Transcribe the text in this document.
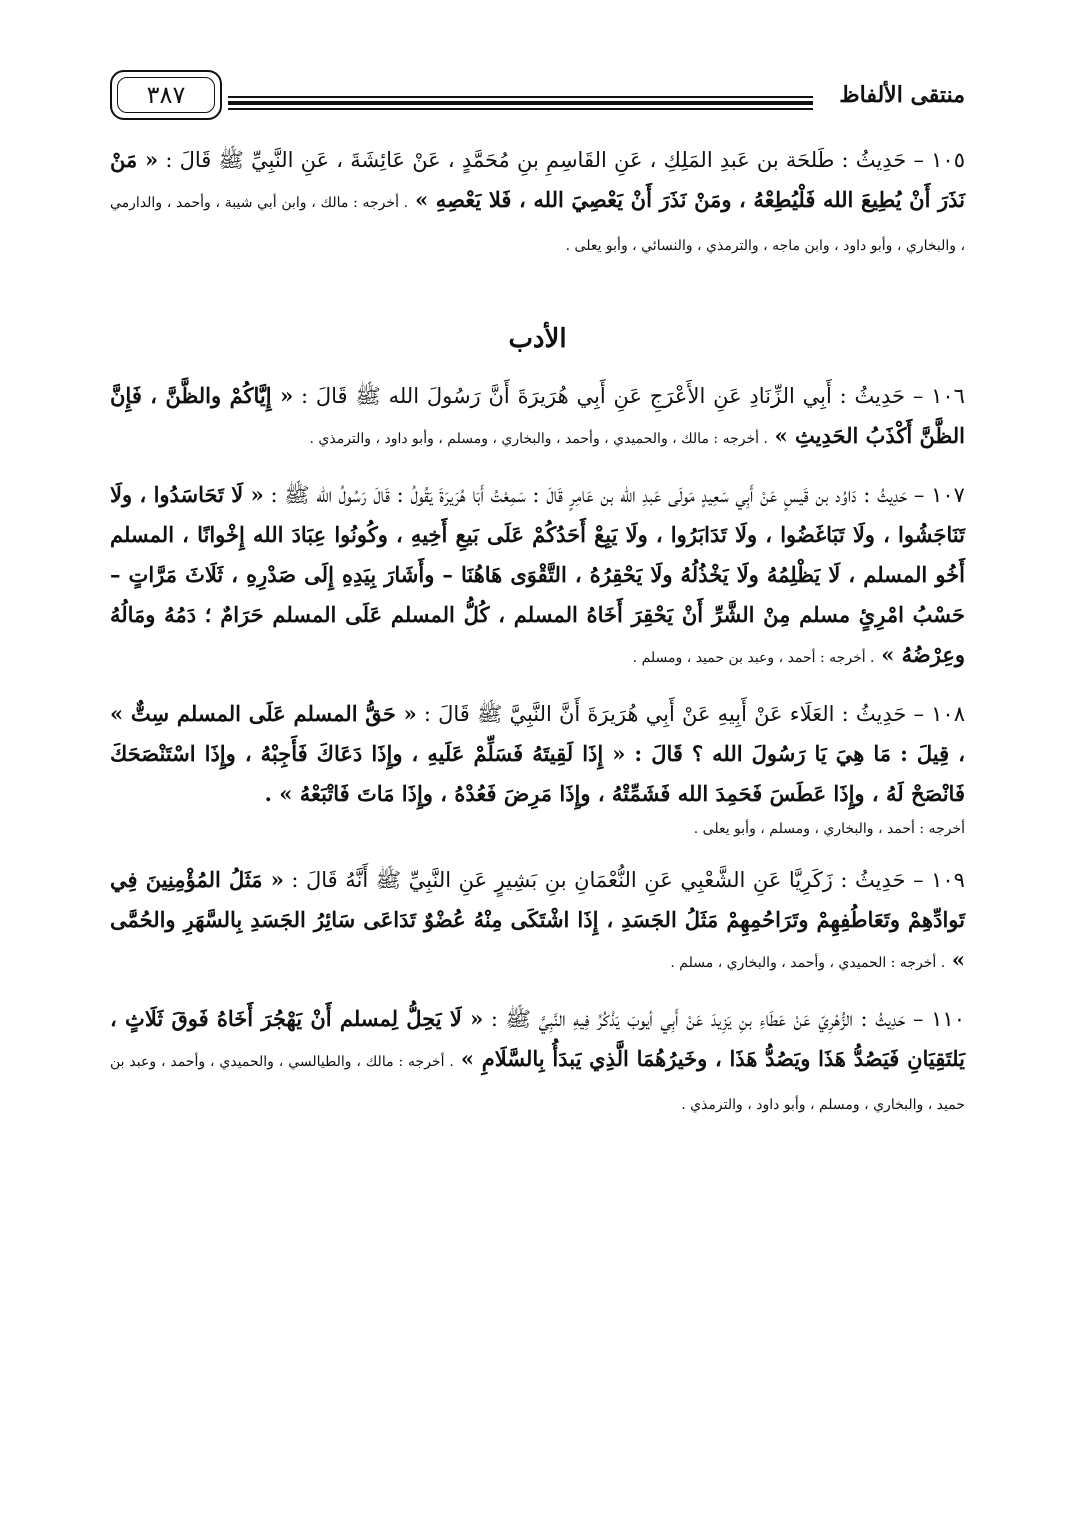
منتقى الألفاظ
٣٨٧

١٠٥ – حَدِيثُ : طَلحَة بن عَبدِ المَلِكِ ، عَنِ القَاسِمِ بنِ مُحَمَّدٍ ، عَنْ عَائِشَةَ ، عَنِ النَّبِيِّ ﷺ قَالَ : « مَنْ نَذَرَ أَنْ يُطِيعَ الله فَلْيُطِعْهُ ، ومَنْ نَذَرَ أَنْ يَعْصِيَ الله ، فَلا يَعْصِهِ » . أخرجه : مالك ، وابن أبي شيبة ، وأحمد ، والدارمي ، والبخاري ، وأبو داود ، وابن ماجه ، والترمذي ، والنسائي ، وأبو يعلى .

الأدب

١٠٦ – حَدِيثُ : أَبِي الزِّنَادِ عَنِ الأَعْرَجِ عَنِ أَبِي هُرَيرَةَ أَنَّ رَسُولَ الله ﷺ قَالَ : « إِيَّاكُمْ والظَّنَّ ، فَإِنَّ الظَّنَّ أَكْذَبُ الحَدِيثِ » . أخرجه : مالك ، والحميدي ، وأحمد ، والبخاري ، ومسلم ، وأبو داود ، والترمذي .

١٠٧ – حَدِيثُ : دَاوُد بن قَيسٍ عَنْ أَبِي سَعِيدٍ مَولَى عَبدِ الله بن عَامِرٍ قَالَ : سَمِعْتُ أَبَا هُرَيرَةَ يَقُولُ : قَالَ رَسُولُ الله ﷺ : « لَا تَحَاسَدُوا ، ولَا تَنَاجَشُوا ، ولَا تَبَاغَضُوا ، ولَا تَدَابَرُوا ، ولَا يَبِعْ أَحَدُكُمْ عَلَى بَيعِ أَخِيهِ ، وكُونُوا عِبَادَ الله إِخْوانًا ، المسلم أَخُو المسلم ، لَا يَظْلِمُهُ ولَا يَخْذُلُهُ ولَا يَحْقِرُهُ ، التَّقْوَى هَاهُنَا – وأَشَارَ بِيَدِهِ إِلَى صَدْرِهِ ، ثَلَاثَ مَرَّاتٍ – حَسْبُ امْرِئٍ مسلم مِنْ الشَّرِّ أَنْ يَحْقِرَ أَخَاهُ المسلم ، كُلُّ المسلم عَلَى المسلم حَرَامٌ ؛ دَمُهُ ومَالُهُ وعِرْضُهُ » . أخرجه : أحمد ، وعبد بن حميد ، ومسلم .

١٠٨ – حَدِيثُ : العَلَاء عَنْ أَبِيهِ عَنْ أَبِي هُرَيرَةَ أَنَّ النَّبِيَّ ﷺ قَالَ : « حَقُّ المسلم عَلَى المسلم سِتٌّ » ، قِيلَ : مَا هِيَ يَا رَسُولَ الله ؟ قَالَ : « إِذَا لَقِيتَهُ فَسَلِّمْ عَلَيهِ ، وإِذَا دَعَاكَ فَأَجِبْهُ ، وإِذَا اسْتَنْصَحَكَ فَانْصَحْ لَهُ ، وإِذَا عَطَسَ فَحَمِدَ الله فَشَمِّتْهُ ، وإِذَا مَرِضَ فَعُدْهُ ، وإِذَا مَاتَ فَاتْبَعْهُ » .

أخرجه : أحمد ، والبخاري ، ومسلم ، وأبو يعلى .

١٠٩ – حَدِيثُ : زَكَرِيَّا عَنِ الشَّعْبِي عَنِ النُّعْمَانِ بنِ بَشِيرٍ عَنِ النَّبِيِّ ﷺ أَنَّهُ قَالَ : « مَثَلُ المُؤْمِنِينَ فِي تَوادِّهِمْ وتَعَاطُفِهِمْ وتَرَاحُمِهِمْ مَثَلُ الجَسَدِ ، إِذَا اشْتَكَى مِنْهُ عُضْوٌ تَدَاعَى سَائِرُ الجَسَدِ بِالسَّهَرِ والحُمَّى » . أخرجه : الحميدي ، وأحمد ، والبخاري ، مسلم .

١١٠ – حَدِيثُ : الزُّهْرِيّ عَنْ عَطَاءِ بنِ يَزِيدَ عَنْ أَبِي أيوبَ يَذْكُرُ فِيهِ النَّبِيَّ ﷺ : « لَا يَحِلُّ لِمسلم أَنْ يَهْجُرَ أَخَاهُ فَوقَ ثَلَاثٍ ، يَلتَقِيَانِ فَيَصُدُّ هَذَا ويَصُدُّ هَذَا ، وخَيرُهُمَا الَّذِي يَبدَأُ بِالسَّلَامِ » . أخرجه : مالك ، والطيالسي ، والحميدي ، وأحمد ، وعبد بن حميد ، والبخاري ، ومسلم ، وأبو داود ، والترمذي .
